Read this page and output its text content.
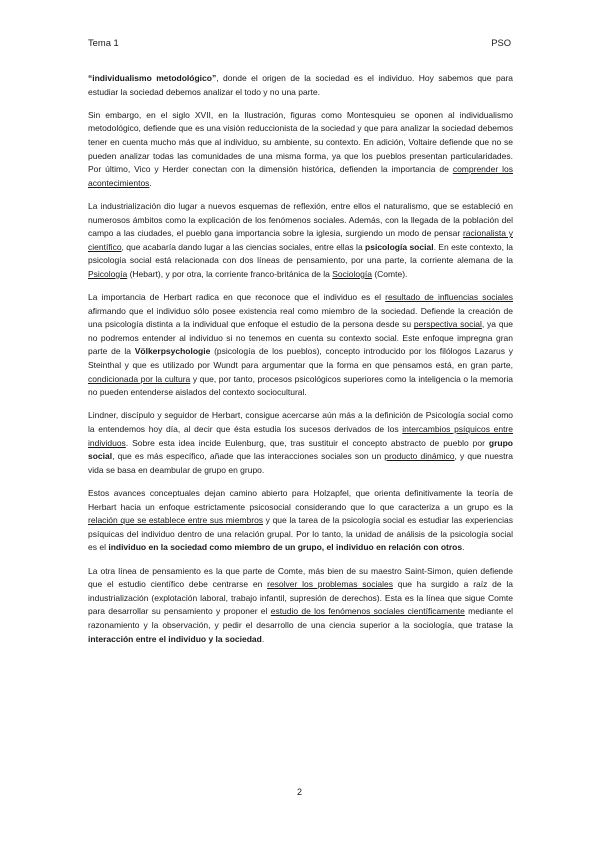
Tema 1	PSO

“individualismo metodológico”, donde el origen de la sociedad es el individuo. Hoy sabemos que para estudiar la sociedad debemos analizar el todo y no una parte.

Sin embargo, en el siglo XVII, en la Ilustración, figuras como Montesquieu se oponen al individualismo metodológico, defiende que es una visión reduccionista de la sociedad y que para analizar la sociedad debemos tener en cuenta mucho más que al individuo, su ambiente, su contexto. En adición, Voltaire defiende que no se pueden analizar todas las comunidades de una misma forma, ya que los pueblos presentan particularidades. Por último, Vico y Herder conectan con la dimensión histórica, defienden la importancia de comprender los acontecimientos.

La industrialización dio lugar a nuevos esquemas de reflexión, entre ellos el naturalismo, que se estableció en numerosos ámbitos como la explicación de los fenómenos sociales. Además, con la llegada de la población del campo a las ciudades, el pueblo gana importancia sobre la iglesia, surgiendo un modo de pensar racionalista y científico, que acabaría dando lugar a las ciencias sociales, entre ellas la psicología social. En este contexto, la psicología social está relacionada con dos líneas de pensamiento, por una parte, la corriente alemana de la Psicología (Hebart), y por otra, la corriente franco-británica de la Sociología (Comte).

La importancia de Herbart radica en que reconoce que el individuo es el resultado de influencias sociales afirmando que el individuo sólo posee existencia real como miembro de la sociedad. Defiende la creación de una psicología distinta a la individual que enfoque el estudio de la persona desde su perspectiva social, ya que no podremos entender al individuo si no tenemos en cuenta su contexto social. Este enfoque impregna gran parte de la Völkerpsychologie (psicología de los pueblos), concepto introducido por los filólogos Lazarus y Steinthal y que es utilizado por Wundt para argumentar que la forma en que pensamos está, en gran parte, condicionada por la cultura y que, por tanto, procesos psicológicos superiores como la inteligencia o la memoria no pueden entenderse aislados del contexto sociocultural.

Lindner, discípulo y seguidor de Herbart, consigue acercarse aún más a la definición de Psicología social como la entendemos hoy día, al decir que ésta estudia los sucesos derivados de los intercambios psíquicos entre individuos. Sobre esta idea incide Eulenburg, que, tras sustituir el concepto abstracto de pueblo por grupo social, que es más específico, añade que las interacciones sociales son un producto dinámico, y que nuestra vida se basa en deambular de grupo en grupo.

Estos avances conceptuales dejan camino abierto para Holzapfel, que orienta definitivamente la teoría de Herbart hacia un enfoque estrictamente psicosocial considerando que lo que caracteriza a un grupo es la relación que se establece entre sus miembros y que la tarea de la psicología social es estudiar las experiencias psíquicas del individuo dentro de una relación grupal. Por lo tanto, la unidad de análisis de la psicología social es el individuo en la sociedad como miembro de un grupo, el individuo en relación con otros.

La otra línea de pensamiento es la que parte de Comte, más bien de su maestro Saint-Simon, quien defiende que el estudio científico debe centrarse en resolver los problemas sociales que ha surgido a raíz de la industrialización (explotación laboral, trabajo infantil, supresión de derechos). Esta es la línea que sigue Comte para desarrollar su pensamiento y proponer el estudio de los fenómenos sociales científicamente mediante el razonamiento y la observación, y pedir el desarrollo de una ciencia superior a la sociología, que tratase la interacción entre el individuo y la sociedad.

2
